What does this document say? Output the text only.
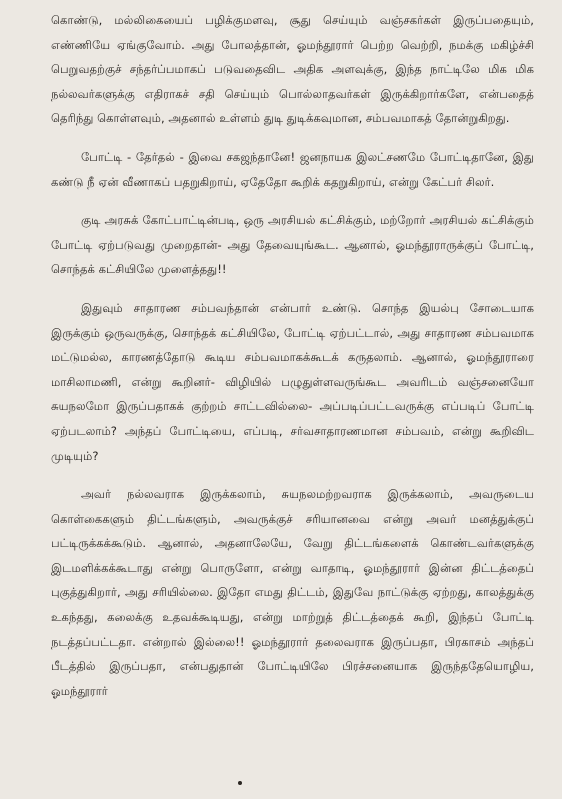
கொண்டு, மல்லிகையைப் பழிக்குமளவு, சூது செய்யும் வஞ்சகர்கள் இருப்பதையும், எண்ணியே ஏங்குவோம். அது போலத்தான், ஓமந்தூரார் பெற்ற வெற்றி, நமக்கு மகிழ்ச்சி பெறுவதற்குச் சந்தர்ப்பமாகப் படுவதைவிட அதிக அளவுக்கு, இந்த நாட்டிலே மிக மிக நல்லவர்களுக்கு எதிராகச் சதி செய்யும் பொல்லாதவர்கள் இருக்கிறார்களே, என்பதைத் தெரிந்து கொள்ளவும், அதனால் உள்ளம் துடி துடிக்கவுமான, சம்பவமாகத் தோன்றுகிறது.

போட்டி - தேர்தல் - இவை சகஜந்தானே! ஜனநாயக இலட்சணமே போட்டிதானே, இது கண்டு நீ ஏன் வீணாகப் பதறுகிறாய், ஏதேதோ கூறிக் கதறுகிறாய், என்று கேட்பர் சிலர்.

குடி அரசுக் கோட்பாட்டின்படி, ஒரு அரசியல் கட்சிக்கும், மற்றோர் அரசியல் கட்சிக்கும் போட்டி ஏற்படுவது முறைதான்- அது தேவையுங்கூட. ஆனால், ஓமந்தூராருக்குப் போட்டி, சொந்தக் கட்சியிலே முளைத்தது!!

இதுவும் சாதாரண சம்பவந்தான் என்பார் உண்டு. சொந்த இயல்பு சோடையாக இருக்கும் ஒருவருக்கு, சொந்தக் கட்சியிலே, போட்டி ஏற்பட்டால், அது சாதாரண சம்பவமாக மட்டுமல்ல, காரணத்தோடு கூடிய சம்பவமாகக்கூடக் கருதலாம். ஆனால், ஓமந்தூராரை மாசிலாமணி, என்று கூறினர்- விழியில் பழுதுள்ளவருங்கூட அவரிடம் வஞ்சனையோ சுயநலமோ இருப்பதாகக் குற்றம் சாட்டவில்லை- அப்படிப்பட்டவருக்கு எப்படிப் போட்டி ஏற்படலாம்? அந்தப் போட்டியை, எப்படி, சர்வசாதாரணமான சம்பவம், என்று கூறிவிட முடியும்?

அவர் நல்லவராக இருக்கலாம், சுயநலமற்றவராக இருக்கலாம், அவருடைய கொள்கைகளும் திட்டங்களும், அவருக்குச் சரியானவை என்று அவர் மனத்துக்குப் பட்டிருக்கக்கூடும். ஆனால், அதனாலேயே, வேறு திட்டங்களைக் கொண்டவர்களுக்கு இடமளிக்கக்கூடாது என்று பொருளோ, என்று வாதாடி, ஓமந்தூரார் இன்ன திட்டத்தைப் புகுத்துகிறார், அது சரியில்லை. இதோ எமது திட்டம், இதுவே நாட்டுக்கு ஏற்றது, காலத்துக்கு உகந்தது, கலைக்கு உதவக்கூடியது, என்று மாற்றுத் திட்டத்தைக் கூறி, இந்தப் போட்டி நடத்தப்பட்டதா. என்றால் இல்லை!! ஓமந்தூரார் தலைவராக இருப்பதா, பிரகாசம் அந்தப் பீடத்தில் இருப்பதா, என்பதுதான் போட்டியிலே பிரச்சனையாக இருந்ததேயொழிய, ஓமந்தூரார்
